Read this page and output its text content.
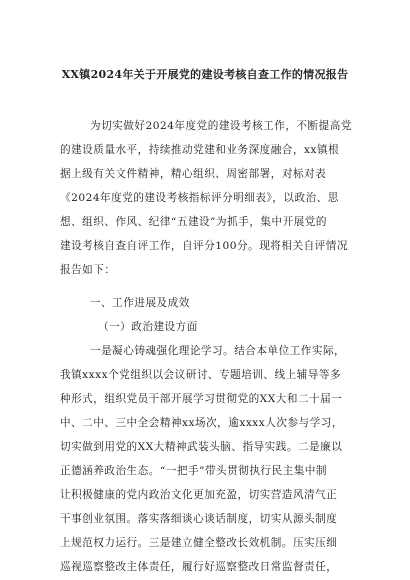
XX镇2024年关于开展党的建设考核自查工作的情况报告
为切实做好2024年度党的建设考核工作，不断提高党
的建设质量水平，持续推动党建和业务深度融合，xx镇根
据上级有关文件精神，精心组织、周密部署，对标对表
《2024年度党的建设考核指标评分明细表》，以政治、思
想、组织、作风、纪律“五建设”为抓手，集中开展党的
建设考核自查自评工作，自评分100分。现将相关自评情况
报告如下：
一、工作进展及成效
（一）政治建设方面
一是凝心铸魂强化理论学习。结合本单位工作实际，
我镇xxxx个党组织以会议研讨、专题培训、线上辅导等多
种形式，组织党员干部开展学习贯彻党的XX大和二十届一
中、二中、三中全会精神xx场次，逾xxxx人次参与学习，
切实做到用党的XX大精神武装头脑、指导实践。二是廉以
正德涵养政治生态。“一把手”带头贯彻执行民主集中制
让积极健康的党内政治文化更加充盈，切实营造风清气正
干事创业氛围。落实落细谈心谈话制度，切实从源头制度
上规范权力运行。三是建立健全整改长效机制。压实压细
巡视巡察整改主体责任，履行好巡察整改日常监督责任，
